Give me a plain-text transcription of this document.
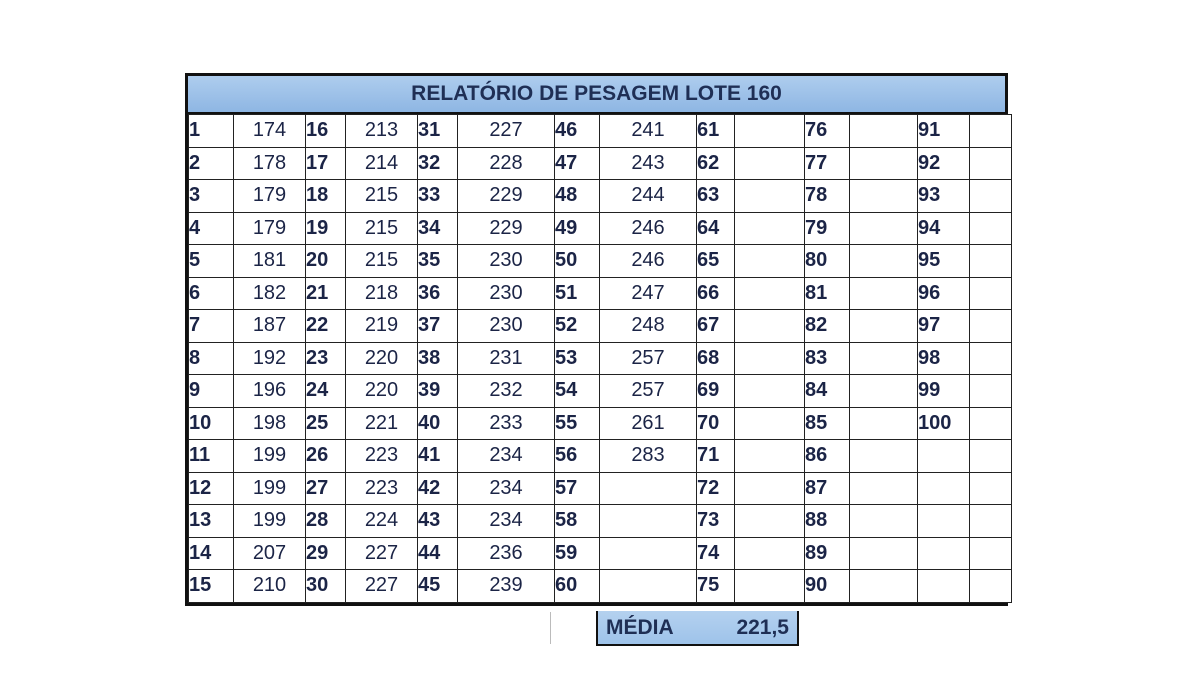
RELATÓRIO DE PESAGEM LOTE 160
1	174	16	213	31	227	46	241	61		76		91	
2	178	17	214	32	228	47	243	62		77		92	
3	179	18	215	33	229	48	244	63		78		93	
4	179	19	215	34	229	49	246	64		79		94	
5	181	20	215	35	230	50	246	65		80		95	
6	182	21	218	36	230	51	247	66		81		96	
7	187	22	219	37	230	52	248	67		82		97	
8	192	23	220	38	231	53	257	68		83		98	
9	196	24	220	39	232	54	257	69		84		99	
10	198	25	221	40	233	55	261	70		85		100	
11	199	26	223	41	234	56	283	71		86			
12	199	27	223	42	234	57		72		87			
13	199	28	224	43	234	58		73		88			
14	207	29	227	44	236	59		74		89			
15	210	30	227	45	239	60		75		90			
MÉDIA	221,5
